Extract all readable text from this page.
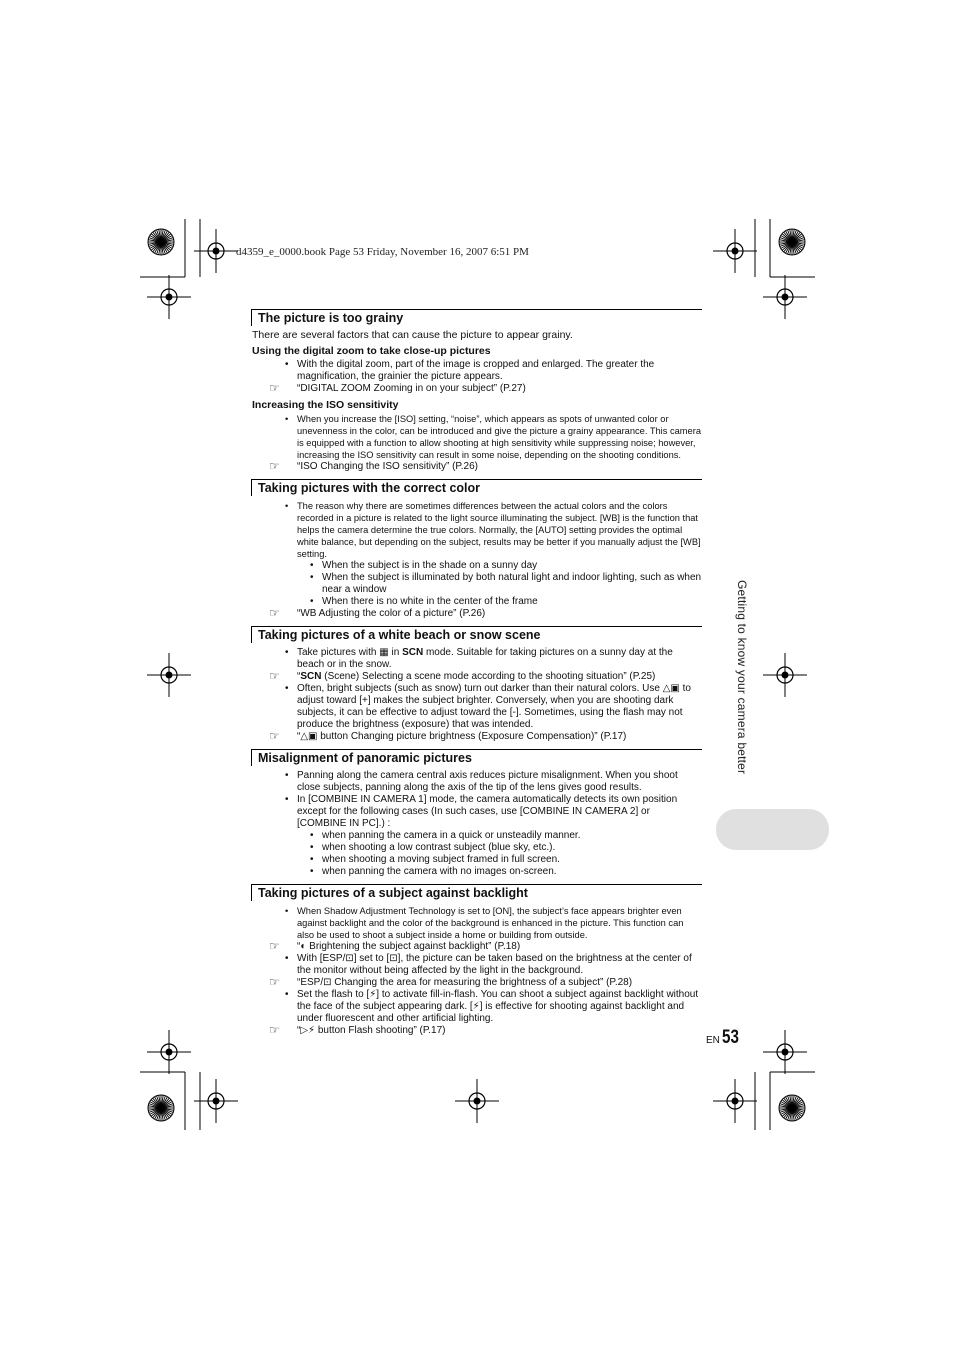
d4359_e_0000.book Page 53 Friday, November 16, 2007 6:51 PM
The picture is too grainy
There are several factors that can cause the picture to appear grainy.
Using the digital zoom to take close-up pictures
• With the digital zoom, part of the image is cropped and enlarged. The greater the magnification, the grainier the picture appears.
☞ “DIGITAL ZOOM Zooming in on your subject” (P.27)
Increasing the ISO sensitivity
• When you increase the [ISO] setting, “noise”, which appears as spots of unwanted color or unevenness in the color, can be introduced and give the picture a grainy appearance. This camera is equipped with a function to allow shooting at high sensitivity while suppressing noise; however, increasing the ISO sensitivity can result in some noise, depending on the shooting conditions.
☞ “ISO Changing the ISO sensitivity” (P.26)
Taking pictures with the correct color
• The reason why there are sometimes differences between the actual colors and the colors recorded in a picture is related to the light source illuminating the subject. [WB] is the function that helps the camera determine the true colors. Normally, the [AUTO] setting provides the optimal white balance, but depending on the subject, results may be better if you manually adjust the [WB] setting.
• When the subject is in the shade on a sunny day
• When the subject is illuminated by both natural light and indoor lighting, such as when near a window
• When there is no white in the center of the frame
☞ “WB Adjusting the color of a picture” (P.26)
Taking pictures of a white beach or snow scene
• Take pictures with ▦ in SCN mode. Suitable for taking pictures on a sunny day at the beach or in the snow.
☞ “SCN (Scene) Selecting a scene mode according to the shooting situation” (P.25)
• Often, bright subjects (such as snow) turn out darker than their natural colors. Use △▣ to adjust toward [+] makes the subject brighter. Conversely, when you are shooting dark subjects, it can be effective to adjust toward the [-]. Sometimes, using the flash may not produce the brightness (exposure) that was intended.
☞ “△▣ button Changing picture brightness (Exposure Compensation)” (P.17)
Misalignment of panoramic pictures
• Panning along the camera central axis reduces picture misalignment. When you shoot close subjects, panning along the axis of the tip of the lens gives good results.
• In [COMBINE IN CAMERA 1] mode, the camera automatically detects its own position except for the following cases (In such cases, use [COMBINE IN CAMERA 2] or [COMBINE IN PC].) :
• when panning the camera in a quick or unsteadily manner.
• when shooting a low contrast subject (blue sky, etc.).
• when shooting a moving subject framed in full screen.
• when panning the camera with no images on-screen.
Taking pictures of a subject against backlight
• When Shadow Adjustment Technology is set to [ON], the subject’s face appears brighter even against backlight and the color of the background is enhanced in the picture. This function can also be used to shoot a subject inside a home or building from outside.
☞ “◐ Brightening the subject against backlight” (P.18)
• With [ESP/⊡] set to [⊡], the picture can be taken based on the brightness at the center of the monitor without being affected by the light in the background.
☞ “ESP/⊡ Changing the area for measuring the brightness of a subject” (P.28)
• Set the flash to [⚡] to activate fill-in-flash. You can shoot a subject against backlight without the face of the subject appearing dark. [⚡] is effective for shooting against backlight and under fluorescent and other artificial lighting.
☞ “▷⚡ button Flash shooting” (P.17)
Getting to know your camera better
EN 53
